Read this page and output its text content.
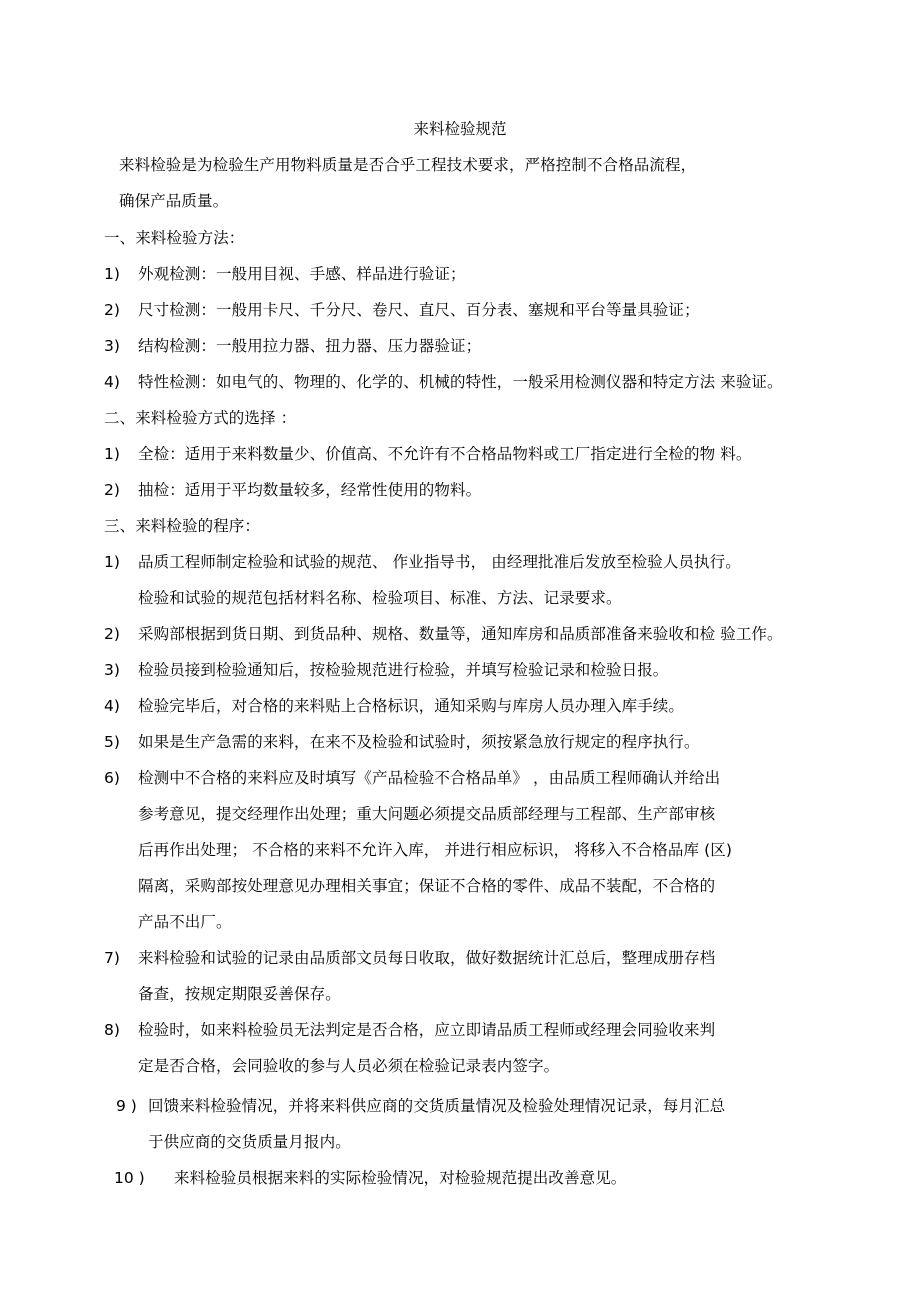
来料检验规范
来料检验是为检验生产用物料质量是否合乎工程技术要求，严格控制不合格品流程，
确保产品质量。
一、来料检验方法：
1) 外观检测：一般用目视、手感、样品进行验证；
2) 尺寸检测：一般用卡尺、千分尺、卷尺、直尺、百分表、塞规和平台等量具验证；
3) 结构检测：一般用拉力器、扭力器、压力器验证；
4) 特性检测：如电气的、物理的、化学的、机械的特性，一般采用检测仪器和特定方法 来验证。
二、来料检验方式的选择 ：
1) 全检：适用于来料数量少、价值高、不允许有不合格品物料或工厂指定进行全检的物 料。
2) 抽检：适用于平均数量较多，经常性使用的物料。
三、来料检验的程序：
1) 品质工程师制定检验和试验的规范、 作业指导书， 由经理批准后发放至检验人员执行。
检验和试验的规范包括材料名称、检验项目、标准、方法、记录要求。
2) 采购部根据到货日期、到货品种、规格、数量等，通知库房和品质部准备来验收和检 验工作。
3) 检验员接到检验通知后，按检验规范进行检验，并填写检验记录和检验日报。
4) 检验完毕后，对合格的来料贴上合格标识，通知采购与库房人员办理入库手续。
5) 如果是生产急需的来料，在来不及检验和试验时，须按紧急放行规定的程序执行。
6) 检测中不合格的来料应及时填写《产品检验不合格品单》 ，由品质工程师确认并给出
参考意见，提交经理作出处理；重大问题必须提交品质部经理与工程部、生产部审核
后再作出处理； 不合格的来料不允许入库， 并进行相应标识， 将移入不合格品库 (区)
隔离，采购部按处理意见办理相关事宜；保证不合格的零件、成品不装配，不合格的
产品不出厂。
7) 来料检验和试验的记录由品质部文员每日收取，做好数据统计汇总后，整理成册存档
备查，按规定期限妥善保存。
8) 检验时，如来料检验员无法判定是否合格，应立即请品质工程师或经理会同验收来判
定是否合格，会同验收的参与人员必须在检验记录表内签字。
9 ) 回馈来料检验情况，并将来料供应商的交货质量情况及检验处理情况记录，每月汇总
于供应商的交货质量月报内。
10 ) 来料检验员根据来料的实际检验情况，对检验规范提出改善意见。
